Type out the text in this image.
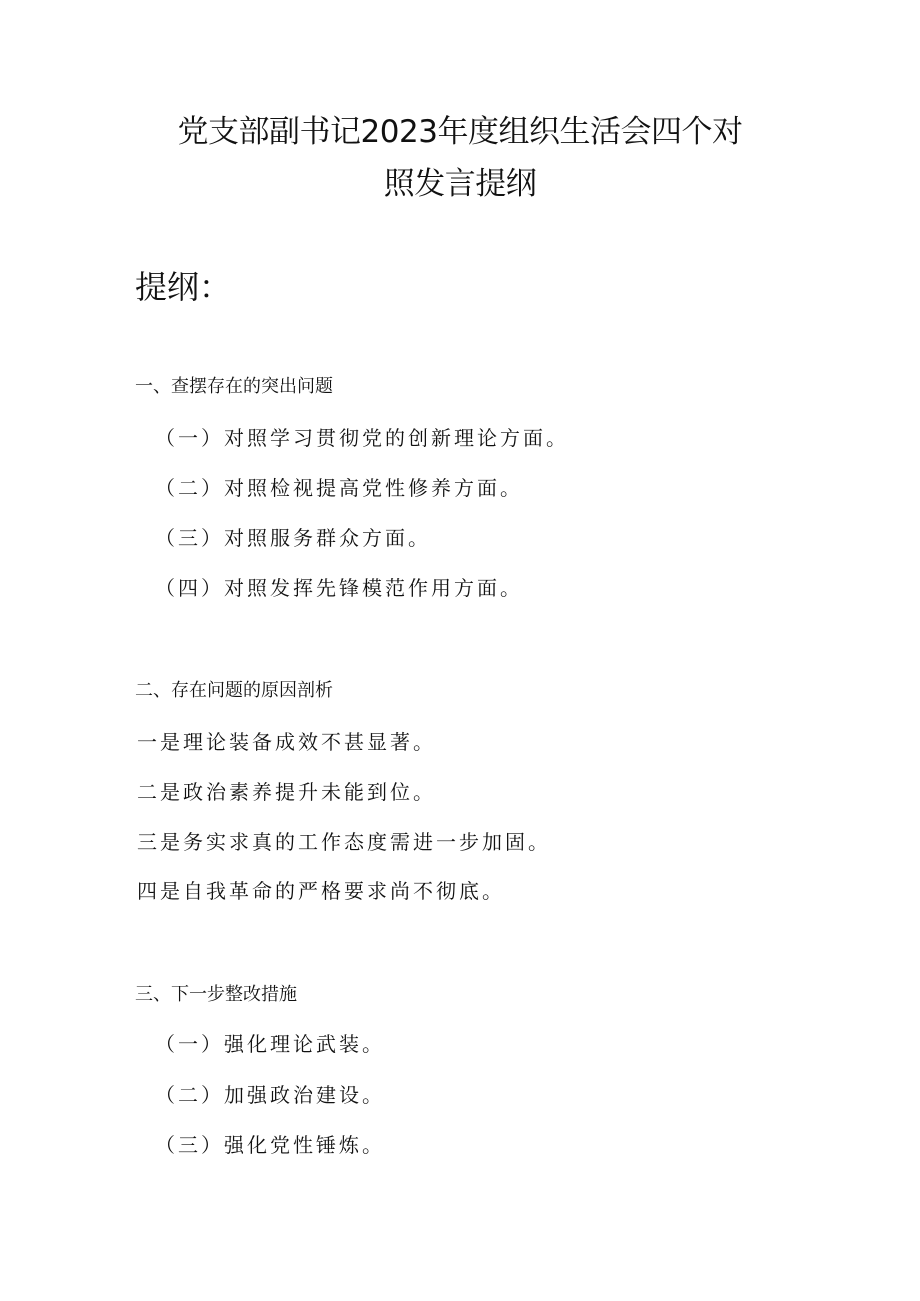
党支部副书记2023年度组织生活会四个对
照发言提纲
提纲：
一、查摆存在的突出问题
（一）对照学习贯彻党的创新理论方面。
（二）对照检视提高党性修养方面。
（三）对照服务群众方面。
（四）对照发挥先锋模范作用方面。
二、存在问题的原因剖析
一是理论装备成效不甚显著。
二是政治素养提升未能到位。
三是务实求真的工作态度需进一步加固。
四是自我革命的严格要求尚不彻底。
三、下一步整改措施
（一）强化理论武装。
（二）加强政治建设。
（三）强化党性锤炼。
